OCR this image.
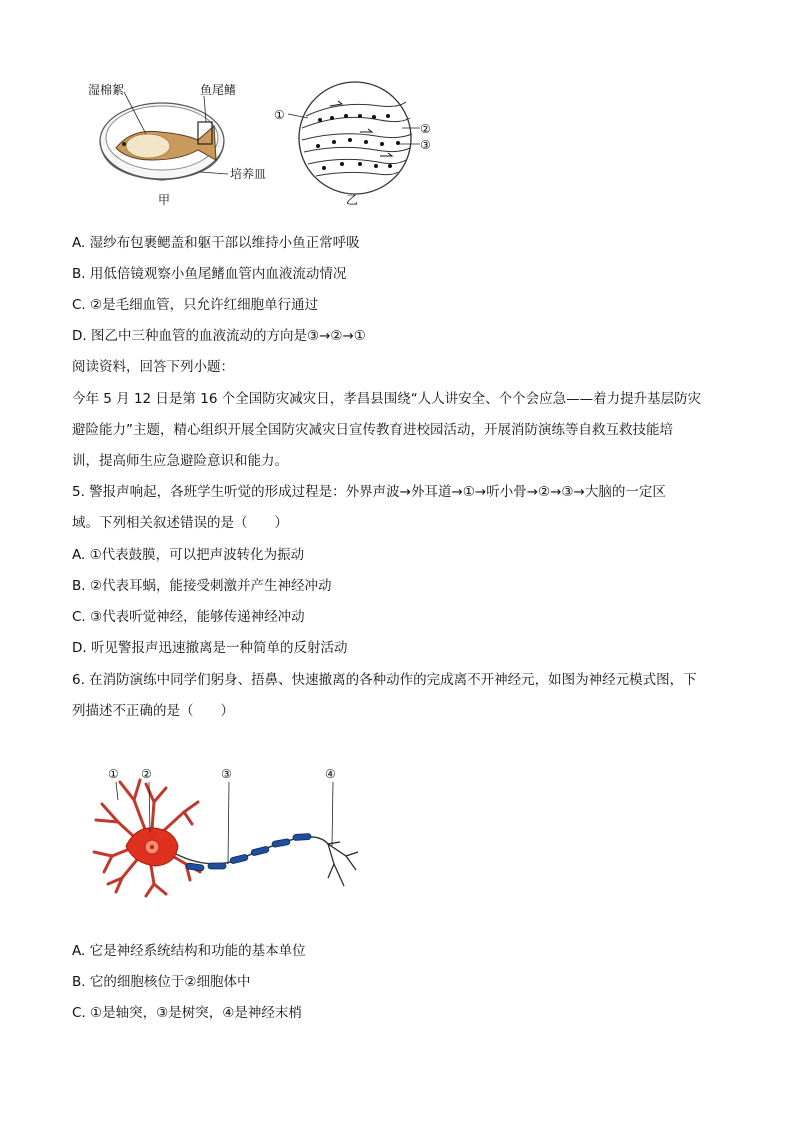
湿棉絮	鱼尾鳍
培养皿
甲
①
②
③
乙
A. 湿纱布包裹鳃盖和躯干部以维持小鱼正常呼吸
B. 用低倍镜观察小鱼尾鳍血管内血液流动情况
C. ②是毛细血管，只允许红细胞单行通过
D. 图乙中三种血管的血液流动的方向是③→②→①
阅读资料，回答下列小题：
今年 5 月 12 日是第 16 个全国防灾减灾日，孝昌县围绕“人人讲安全、个个会应急——着力提升基层防灾
避险能力”主题，精心组织开展全国防灾减灾日宣传教育进校园活动，开展消防演练等自救互救技能培
训，提高师生应急避险意识和能力。
5. 警报声响起，各班学生听觉的形成过程是：外界声波→外耳道→①→听小骨→②→③→大脑的一定区
域。下列相关叙述错误的是（　　）
A. ①代表鼓膜，可以把声波转化为振动
B. ②代表耳蜗，能接受刺激并产生神经冲动
C. ③代表听觉神经，能够传递神经冲动
D. 听见警报声迅速撤离是一种简单的反射活动
6. 在消防演练中同学们躬身、捂鼻、快速撤离的各种动作的完成离不开神经元，如图为神经元模式图，下
列描述不正确的是（　　）
① ②	③	④
A. 它是神经系统结构和功能的基本单位
B. 它的细胞核位于②细胞体中
C. ①是轴突，③是树突，④是神经末梢
